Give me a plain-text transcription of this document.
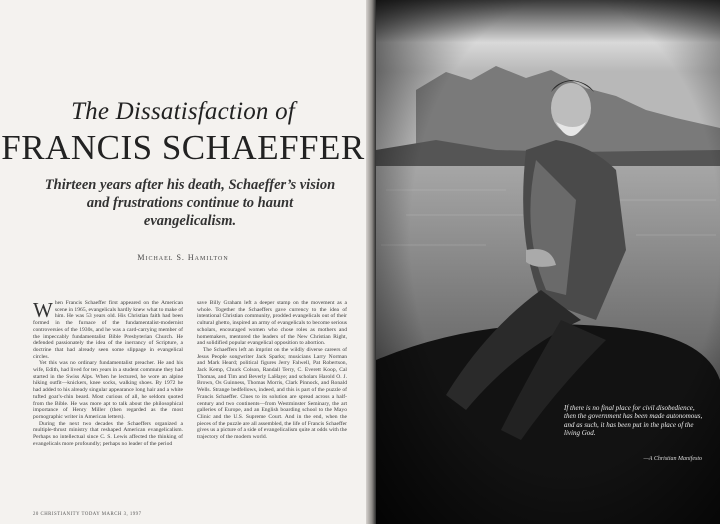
The Dissatisfaction of
FRANCIS SCHAEFFER
Thirteen years after his death, Schaeffer’s vision and frustrations continue to haunt evangelicalism.
Michael S. Hamilton

When Francis Schaeffer first appeared on the American scene in 1965, evangelicals hardly knew what to make of him. He was 53 years old. His Christian faith had been formed in the furnace of the fundamentalist-modernist controversies of the 1930s, and he was a card-carrying member of the impeccably fundamentalist Bible Presbyterian Church. He defended passionately the idea of the inerrancy of Scripture, a doctrine that had already seen some slippage in evangelical circles.

Yet this was no ordinary fundamentalist preacher. He and his wife, Edith, had lived for ten years in a student commune they had started in the Swiss Alps. When he lectured, he wore an alpine hiking outfit—knickers, knee socks, walking shoes. By 1972 he had added to his already singular appearance long hair and a white tufted goat’s-chin beard. Most curious of all, he seldom quoted from the Bible. He was more apt to talk about the philosophical importance of Henry Miller (then regarded as the most pornographic writer in American letters).

During the next two decades the Schaeffers organized a multiple-thrust ministry that reshaped American evangelicalism. Perhaps no intellectual since C. S. Lewis affected the thinking of evangelicals more profoundly; perhaps no leader of the period

save Billy Graham left a deeper stamp on the movement as a whole. Together the Schaeffers gave currency to the idea of intentional Christian community, prodded evangelicals out of their cultural ghetto, inspired an army of evangelicals to become serious scholars, encouraged women who chose roles as mothers and homemakers, mentored the leaders of the New Christian Right, and solidified popular evangelical opposition to abortion.

The Schaeffers left an imprint on the wildly diverse careers of Jesus People songwriter Jack Sparks; musicians Larry Norman and Mark Heard; political figures Jerry Falwell, Pat Robertson, Jack Kemp, Chuck Colson, Randall Terry, C. Everett Koop, Cal Thomas, and Tim and Beverly LaHaye; and scholars Harold O. J. Brown, Os Guinness, Thomas Morris, Clark Pinnock, and Ronald Wells. Strange bedfellows, indeed, and this is part of the puzzle of Francis Schaeffer. Clues to its solution are spread across a half-century and two continents—from Westminster Seminary, the art galleries of Europe, and an English boarding school to the Mayo Clinic and the U.S. Supreme Court. And in the end, when the pieces of the puzzle are all assembled, the life of Francis Schaeffer gives us a picture of a side of evangelicalism quite at odds with the trajectory of the modern world.

20 CHRISTIANITY TODAY MARCH 3, 1997
If there is no final place for civil disobedience, then the government has been made autonomous, and as such, it has been put in the place of the living God.
—A Christian Manifesto
